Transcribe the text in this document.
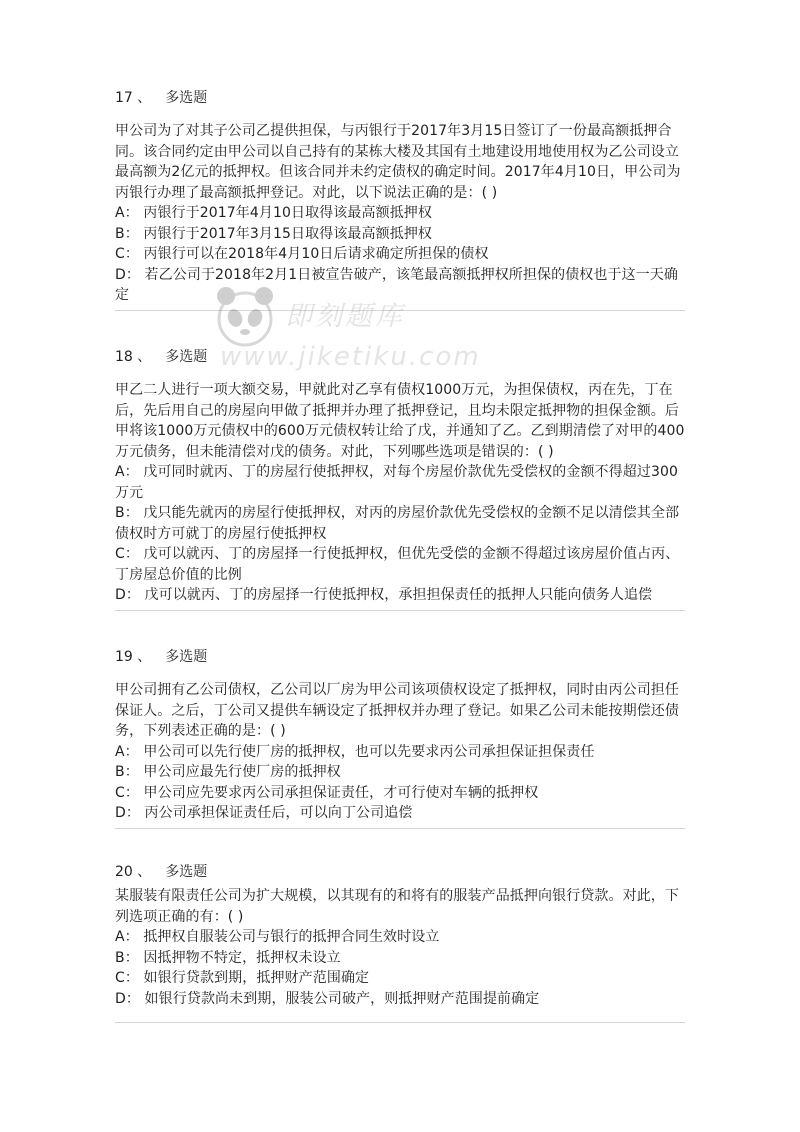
17 、 多选题
甲公司为了对其子公司乙提供担保，与丙银行于2017年3月15日签订了一份最高额抵押合同。该合同约定由甲公司以自己持有的某栋大楼及其国有土地建设用地使用权为乙公司设立最高额为2亿元的抵押权。但该合同并未约定债权的确定时间。2017年4月10日，甲公司为丙银行办理了最高额抵押登记。对此，以下说法正确的是：( )
A： 丙银行于2017年4月10日取得该最高额抵押权
B： 丙银行于2017年3月15日取得该最高额抵押权
C： 丙银行可以在2018年4月10日后请求确定所担保的债权
D： 若乙公司于2018年2月1日被宣告破产，该笔最高额抵押权所担保的债权也于这一天确定
18 、 多选题
甲乙二人进行一项大额交易，甲就此对乙享有债权1000万元，为担保债权，丙在先，丁在后，先后用自己的房屋向甲做了抵押并办理了抵押登记，且均未限定抵押物的担保金额。后甲将该1000万元债权中的600万元债权转让给了戊，并通知了乙。乙到期清偿了对甲的400万元债务，但未能清偿对戊的债务。对此，下列哪些选项是错误的：( )
A： 戊可同时就丙、丁的房屋行使抵押权，对每个房屋价款优先受偿权的金额不得超过300万元
B： 戊只能先就丙的房屋行使抵押权，对丙的房屋价款优先受偿权的金额不足以清偿其全部债权时方可就丁的房屋行使抵押权
C： 戊可以就丙、丁的房屋择一行使抵押权，但优先受偿的金额不得超过该房屋价值占丙、丁房屋总价值的比例
D： 戊可以就丙、丁的房屋择一行使抵押权，承担担保责任的抵押人只能向债务人追偿
19 、 多选题
甲公司拥有乙公司债权，乙公司以厂房为甲公司该项债权设定了抵押权，同时由丙公司担任保证人。之后，丁公司又提供车辆设定了抵押权并办理了登记。如果乙公司未能按期偿还债务，下列表述正确的是：( )
A： 甲公司可以先行使厂房的抵押权，也可以先要求丙公司承担保证担保责任
B： 甲公司应最先行使厂房的抵押权
C： 甲公司应先要求丙公司承担保证责任，才可行使对车辆的抵押权
D： 丙公司承担保证责任后，可以向丁公司追偿
20 、 多选题
某服装有限责任公司为扩大规模，以其现有的和将有的服装产品抵押向银行贷款。对此，下列选项正确的有：( )
A： 抵押权自服装公司与银行的抵押合同生效时设立
B： 因抵押物不特定，抵押权未设立
C： 如银行贷款到期，抵押财产范围确定
D： 如银行贷款尚未到期，服装公司破产，则抵押财产范围提前确定
即刻题库
www.jiketiku.com
